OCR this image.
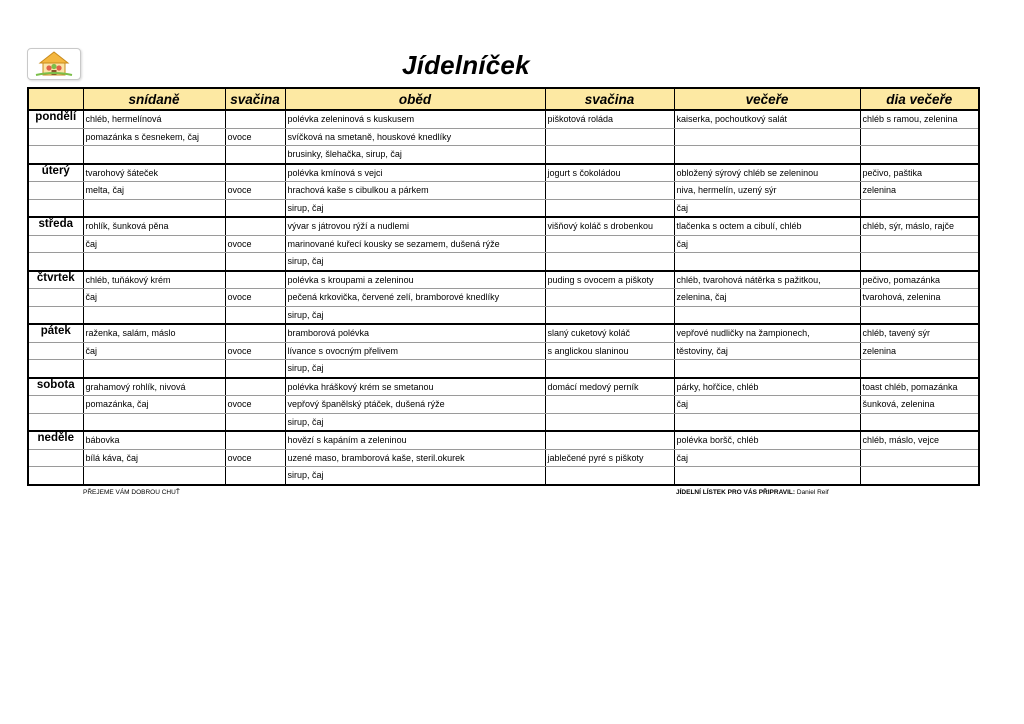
Jídelníček
	snídaně	svačina	oběd	svačina	večeře	dia večeře
pondělí	chléb, hermelínová		polévka zeleninová s kuskusem	piškotová roláda	kaiserka, pochoutkový salát	chléb s ramou, zelenina
	pomazánka s česnekem, čaj	ovoce	svíčková na smetaně, houskové knedlíky			
			brusinky, šlehačka, sirup, čaj			
úterý	tvarohový šáteček		polévka kmínová s vejci	jogurt s čokoládou	obložený sýrový chléb se zeleninou	pečivo, paštika
	melta, čaj	ovoce	hrachová kaše s cibulkou a párkem		niva, hermelín, uzený sýr	zelenina
			sirup, čaj		čaj	
středa	rohlík, šunková pěna		vývar s játrovou rýží a nudlemi	višňový koláč s drobenkou	tlačenka s octem a cibulí, chléb	chléb, sýr, máslo, rajče
	čaj	ovoce	marinované kuřecí kousky se sezamem, dušená rýže		čaj	
			sirup, čaj			
čtvrtek	chléb, tuňákový krém		polévka s kroupami a zeleninou	puding s ovocem a piškoty	chléb, tvarohová nátěrka s pažitkou,	pečivo, pomazánka
	čaj	ovoce	pečená krkovička, červené zelí, bramborové knedlíky		zelenina, čaj	tvarohová, zelenina
			sirup, čaj			
pátek	raženka, salám, máslo		bramborová polévka	slaný cuketový koláč	vepřové nudličky na žampionech,	chléb, tavený sýr
	čaj	ovoce	lívance s ovocným přelivem	s anglickou slaninou	těstoviny, čaj	zelenina
			sirup, čaj			
sobota	grahamový rohlík, nivová		polévka hráškový krém se smetanou	domácí medový perník	párky, hořčice, chléb	toast chléb, pomazánka
	pomazánka, čaj	ovoce	vepřový španělský ptáček, dušená rýže		čaj	šunková, zelenina
			sirup, čaj			
neděle	bábovka		hovězí s kapáním a zeleninou		polévka boršč, chléb	chléb, máslo, vejce
	bílá káva, čaj	ovoce	uzené maso, bramborová kaše, steril.okurek	jablečené pyré s piškoty	čaj	
			sirup, čaj			
PŘEJEME VÁM DOBROU CHUŤ	JÍDELNÍ LÍSTEK PRO VÁS PŘIPRAVIL: Daniel Reif
